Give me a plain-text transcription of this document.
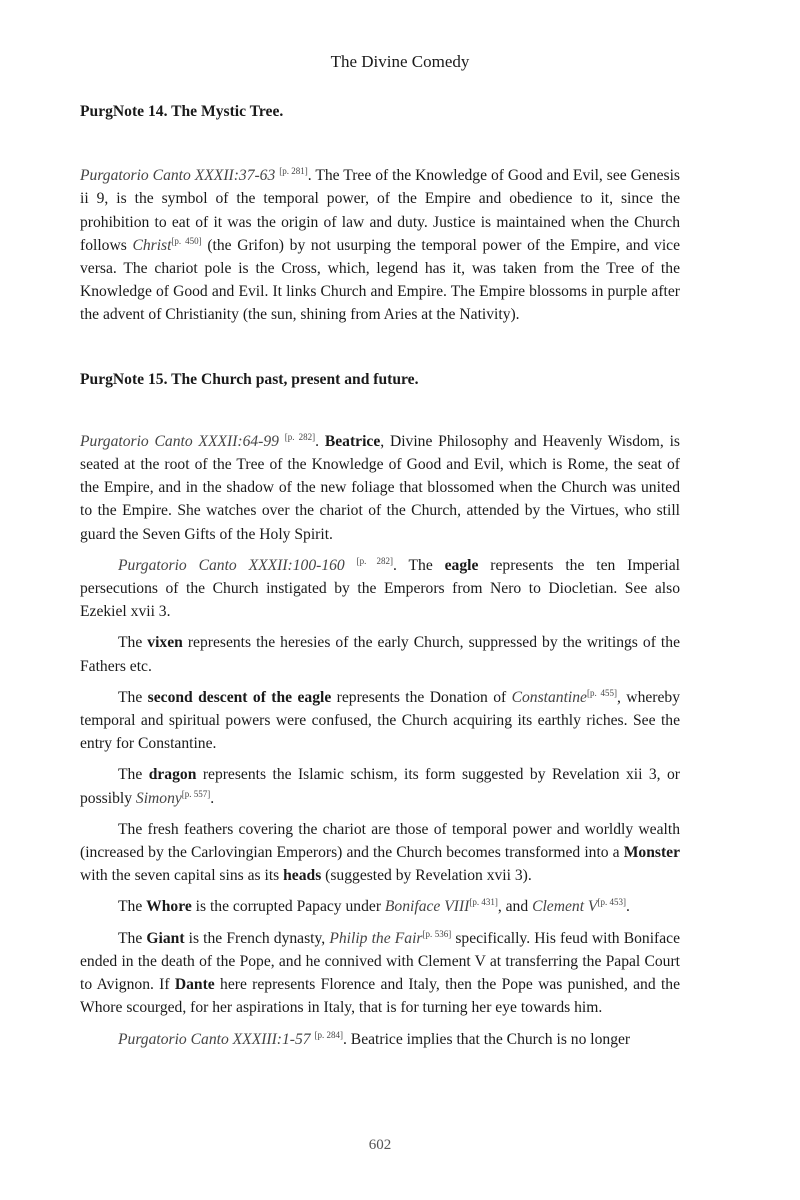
The Divine Comedy

PurgNote 14. The Mystic Tree.

Purgatorio Canto XXXII:37-63 [p. 281]. The Tree of the Knowledge of Good and Evil, see Genesis ii 9, is the symbol of the temporal power, of the Empire and obedience to it, since the prohibition to eat of it was the origin of law and duty. Justice is maintained when the Church follows Christ[p. 450] (the Grifon) by not usurping the temporal power of the Empire, and vice versa. The chariot pole is the Cross, which, legend has it, was taken from the Tree of the Knowledge of Good and Evil. It links Church and Empire. The Empire blossoms in purple after the advent of Christianity (the sun, shining from Aries at the Nativity).

PurgNote 15. The Church past, present and future.

Purgatorio Canto XXXII:64-99 [p. 282]. Beatrice, Divine Philosophy and Heavenly Wisdom, is seated at the root of the Tree of the Knowledge of Good and Evil, which is Rome, the seat of the Empire, and in the shadow of the new foliage that blossomed when the Church was united to the Empire. She watches over the chariot of the Church, attended by the Virtues, who still guard the Seven Gifts of the Holy Spirit.

Purgatorio Canto XXXII:100-160 [p. 282]. The eagle represents the ten Imperial persecutions of the Church instigated by the Emperors from Nero to Diocletian. See also Ezekiel xvii 3.

The vixen represents the heresies of the early Church, suppressed by the writings of the Fathers etc.

The second descent of the eagle represents the Donation of Constantine[p. 455], whereby temporal and spiritual powers were confused, the Church acquiring its earthly riches. See the entry for Constantine.

The dragon represents the Islamic schism, its form suggested by Revelation xii 3, or possibly Simony[p. 557].

The fresh feathers covering the chariot are those of temporal power and worldly wealth (increased by the Carlovingian Emperors) and the Church becomes transformed into a Monster with the seven capital sins as its heads (suggested by Revelation xvii 3).

The Whore is the corrupted Papacy under Boniface VIII[p. 431], and Clement V[p. 453].

The Giant is the French dynasty, Philip the Fair[p. 536] specifically. His feud with Boniface ended in the death of the Pope, and he connived with Clement V at transferring the Papal Court to Avignon. If Dante here represents Florence and Italy, then the Pope was punished, and the Whore scourged, for her aspirations in Italy, that is for turning her eye towards him.

Purgatorio Canto XXXIII:1-57 [p. 284]. Beatrice implies that the Church is no longer

602
